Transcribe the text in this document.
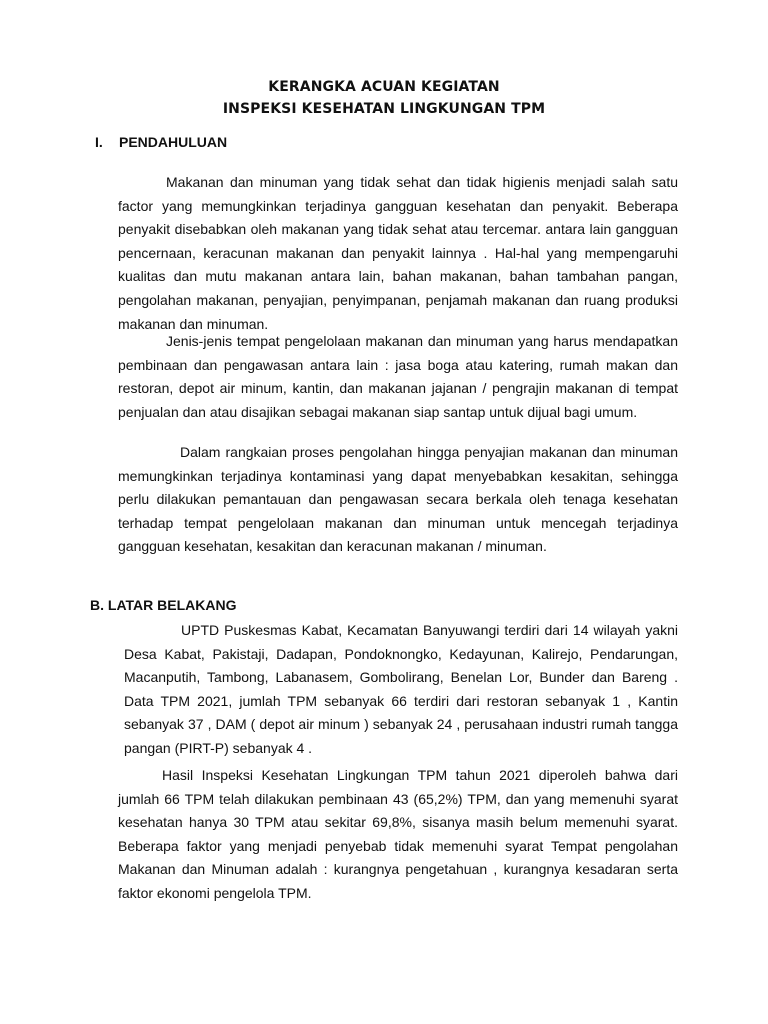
KERANGKA ACUAN KEGIATAN
INSPEKSI KESEHATAN LINGKUNGAN TPM
I. PENDAHULUAN
Makanan dan minuman yang tidak sehat dan tidak higienis menjadi salah satu factor yang memungkinkan terjadinya gangguan kesehatan dan penyakit. Beberapa penyakit disebabkan oleh makanan yang tidak sehat atau tercemar. antara lain gangguan pencernaan, keracunan makanan dan penyakit lainnya . Hal-hal yang mempengaruhi kualitas dan mutu makanan antara lain, bahan makanan, bahan tambahan pangan, pengolahan makanan, penyajian, penyimpanan, penjamah makanan dan ruang produksi makanan dan minuman.
Jenis-jenis tempat pengelolaan makanan dan minuman yang harus mendapatkan pembinaan dan pengawasan antara lain : jasa boga atau katering, rumah makan dan restoran, depot air minum, kantin, dan makanan jajanan / pengrajin makanan di tempat penjualan dan atau disajikan sebagai makanan siap santap untuk dijual bagi umum.
Dalam rangkaian proses pengolahan hingga penyajian makanan dan minuman memungkinkan terjadinya kontaminasi yang dapat menyebabkan kesakitan, sehingga perlu dilakukan pemantauan dan pengawasan secara berkala oleh tenaga kesehatan terhadap tempat pengelolaan makanan dan minuman untuk mencegah terjadinya gangguan kesehatan, kesakitan dan keracunan makanan / minuman.
B. LATAR BELAKANG
UPTD Puskesmas Kabat, Kecamatan Banyuwangi terdiri dari 14 wilayah yakni Desa Kabat, Pakistaji, Dadapan, Pondoknongko, Kedayunan, Kalirejo, Pendarungan, Macanputih, Tambong, Labanasem, Gombolirang, Benelan Lor, Bunder dan Bareng . Data TPM 2021, jumlah TPM sebanyak 66 terdiri dari restoran sebanyak 1 , Kantin sebanyak 37 , DAM ( depot air minum ) sebanyak 24 , perusahaan industri rumah tangga pangan (PIRT-P) sebanyak 4 .
Hasil Inspeksi Kesehatan Lingkungan TPM tahun 2021 diperoleh bahwa dari jumlah 66 TPM telah dilakukan pembinaan 43 (65,2%) TPM, dan yang memenuhi syarat kesehatan hanya 30 TPM atau sekitar 69,8%, sisanya masih belum memenuhi syarat. Beberapa faktor yang menjadi penyebab tidak memenuhi syarat Tempat pengolahan Makanan dan Minuman adalah : kurangnya pengetahuan , kurangnya kesadaran serta faktor ekonomi pengelola TPM.
